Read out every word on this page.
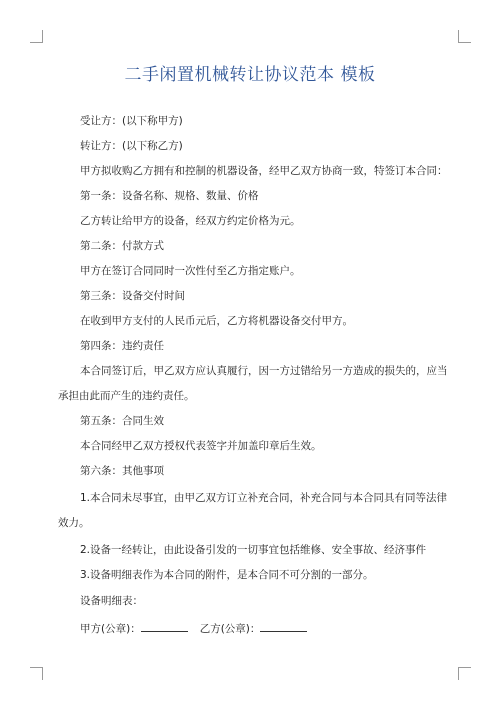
二手闲置机械转让协议范本 模板
受让方：(以下称甲方)
转让方：(以下称乙方)
甲方拟收购乙方拥有和控制的机器设备，经甲乙双方协商一致，特签订本合同：
第一条：设备名称、规格、数量、价格
乙方转让给甲方的设备，经双方约定价格为元。
第二条：付款方式
甲方在签订合同同时一次性付至乙方指定账户。
第三条：设备交付时间
在收到甲方支付的人民币元后，乙方将机器设备交付甲方。
第四条：违约责任
本合同签订后，甲乙双方应认真履行，因一方过错给另一方造成的损失的，应当
承担由此而产生的违约责任。
第五条：合同生效
本合同经甲乙双方授权代表签字并加盖印章后生效。
第六条：其他事项
1.本合同未尽事宜，由甲乙双方订立补充合同，补充合同与本合同具有同等法律
效力。
2.设备一经转让，由此设备引发的一切事宜包括维修、安全事故、经济事件
3.设备明细表作为本合同的附件，是本合同不可分割的一部分。
设备明细表：
甲方(公章)：	乙方(公章)：
